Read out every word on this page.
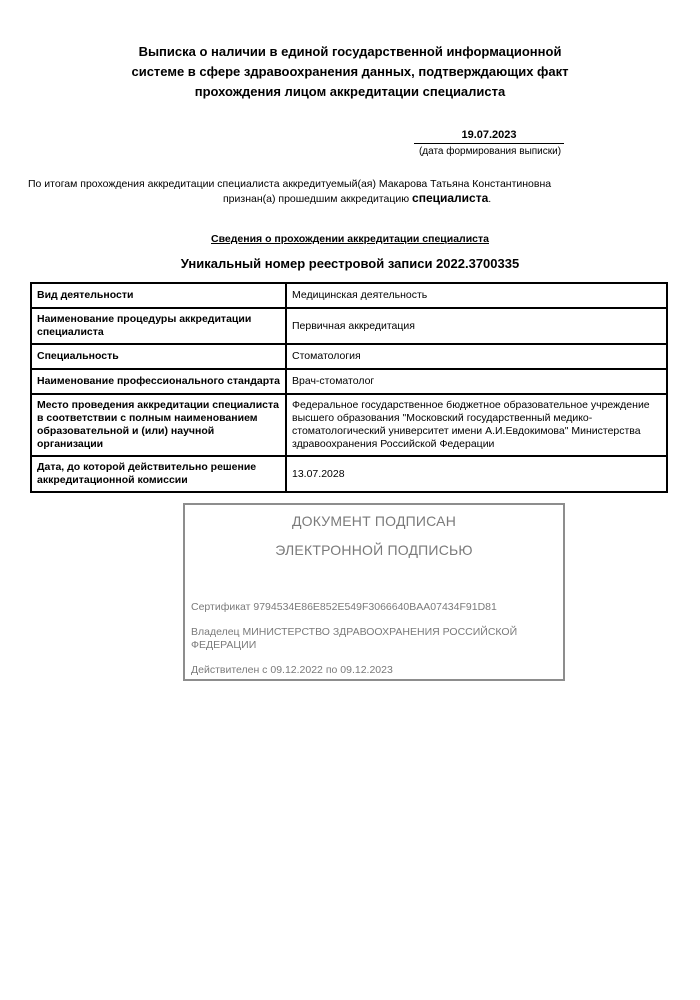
Выписка о наличии в единой государственной информационной
системе в сфере здравоохранения данных, подтверждающих факт
прохождения лицом аккредитации специалиста
19.07.2023
(дата формирования выписки)
По итогам прохождения аккредитации специалиста аккредитуемый(ая) Макарова Татьяна Константиновна
признан(а) прошедшим аккредитацию специалиста.
Сведения о прохождении аккредитации специалиста
Уникальный номер реестровой записи 2022.3700335
Вид деятельности	Медицинская деятельность
Наименование процедуры аккредитации специалиста	Первичная аккредитация
Специальность	Стоматология
Наименование профессионального стандарта	Врач-стоматолог
Место проведения аккредитации специалиста в соответствии с полным наименованием образовательной и (или) научной организации	Федеральное государственное бюджетное образовательное учреждение высшего образования "Московский государственный медико-стоматологический университет имени А.И.Евдокимова" Министерства здравоохранения Российской Федерации
Дата, до которой действительно решение аккредитационной комиссии	13.07.2028
ДОКУМЕНТ ПОДПИСАН
ЭЛЕКТРОННОЙ ПОДПИСЬЮ
Сертификат 9794534E86E852E549F3066640BAA07434F91D81
Владелец МИНИСТЕРСТВО ЗДРАВООХРАНЕНИЯ РОССИЙСКОЙ ФЕДЕРАЦИИ
Действителен с 09.12.2022 по 09.12.2023
